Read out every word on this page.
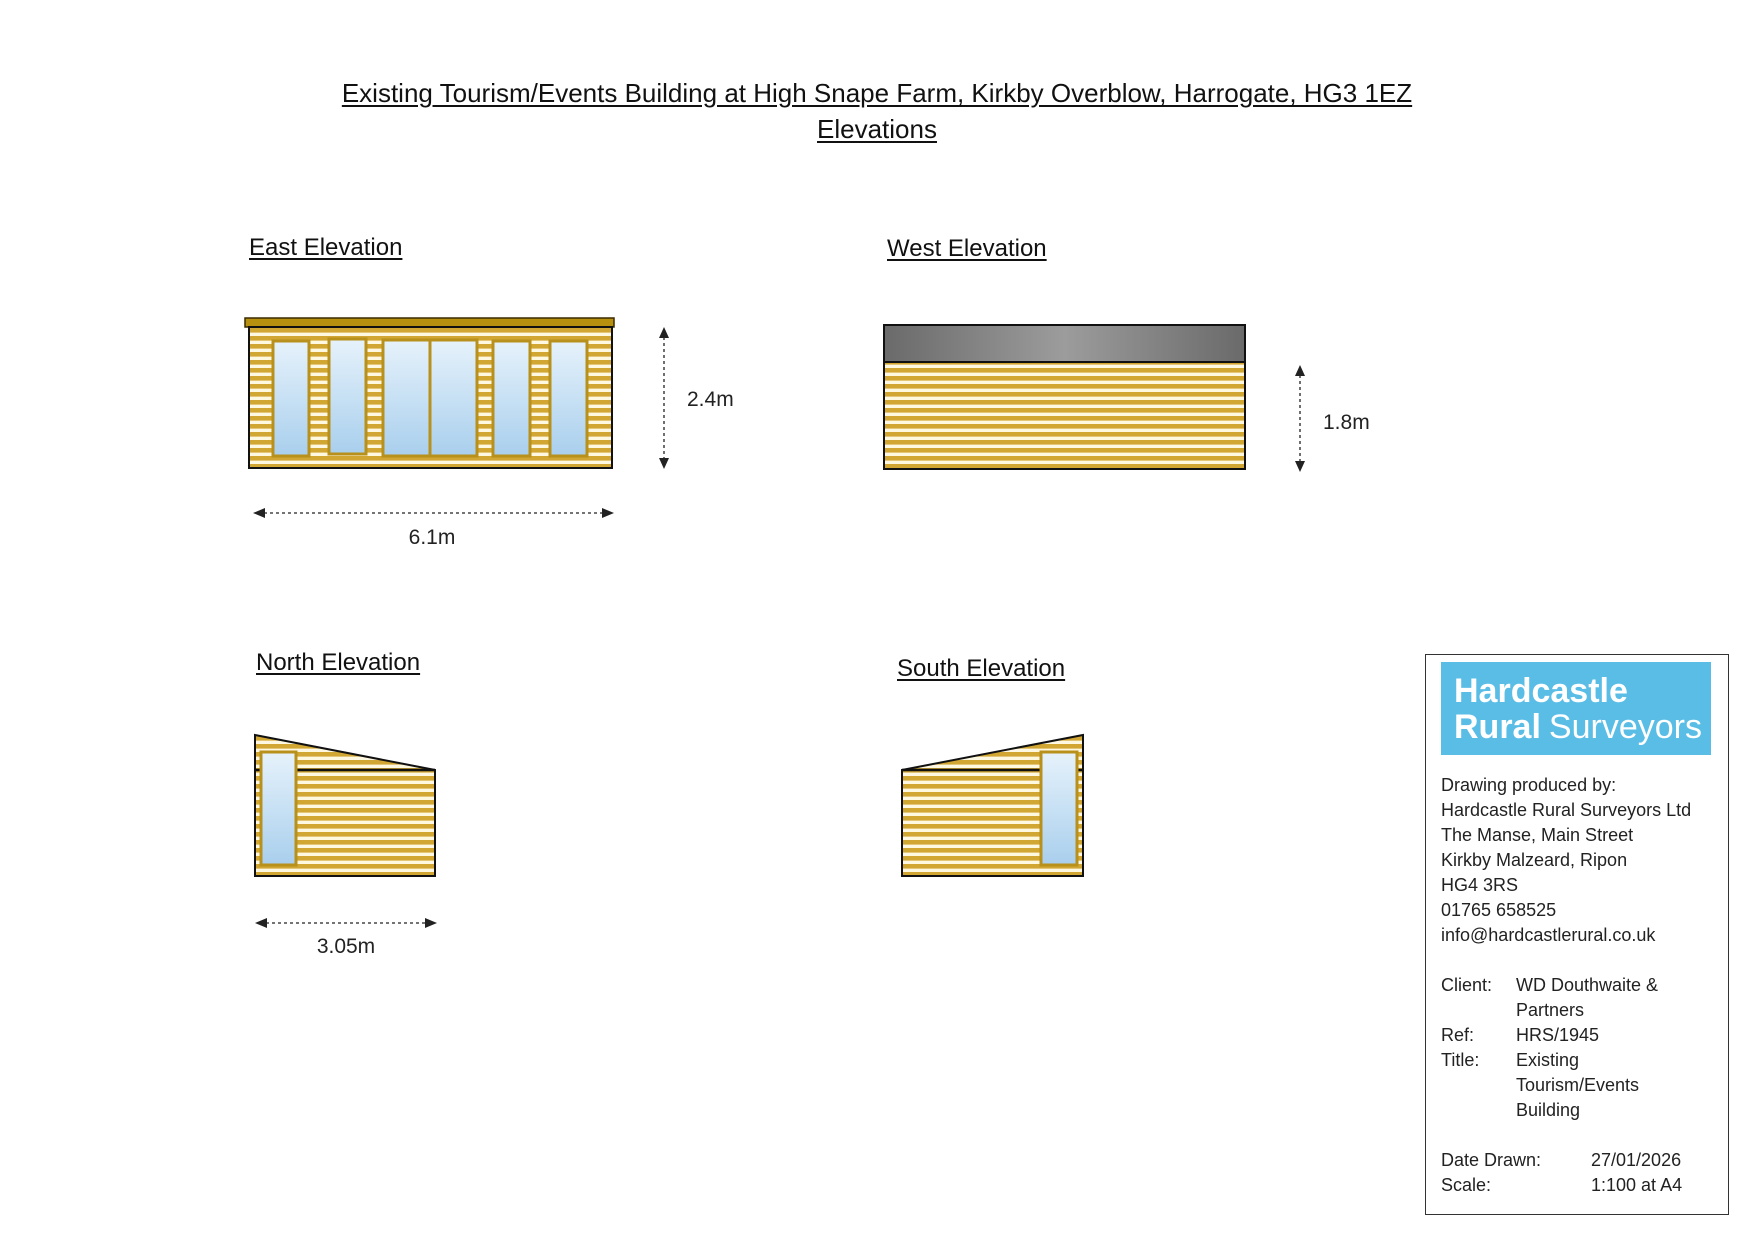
Existing Tourism/Events Building at High Snape Farm, Kirkby Overblow, Harrogate, HG3 1EZ
Elevations
East Elevation	West Elevation
North Elevation	South Elevation
2.4m
6.1m
1.8m
3.05m
Hardcastle
Rural Surveyors
Drawing produced by:
Hardcastle Rural Surveyors Ltd
The Manse, Main Street
Kirkby Malzeard, Ripon
HG4 3RS
01765 658525
info@hardcastlerural.co.uk
Client:	WD Douthwaite &
Partners
Ref:	HRS/1945
Title:	Existing
Tourism/Events
Building
Date Drawn:	27/01/2026
Scale:	1:100 at A4
